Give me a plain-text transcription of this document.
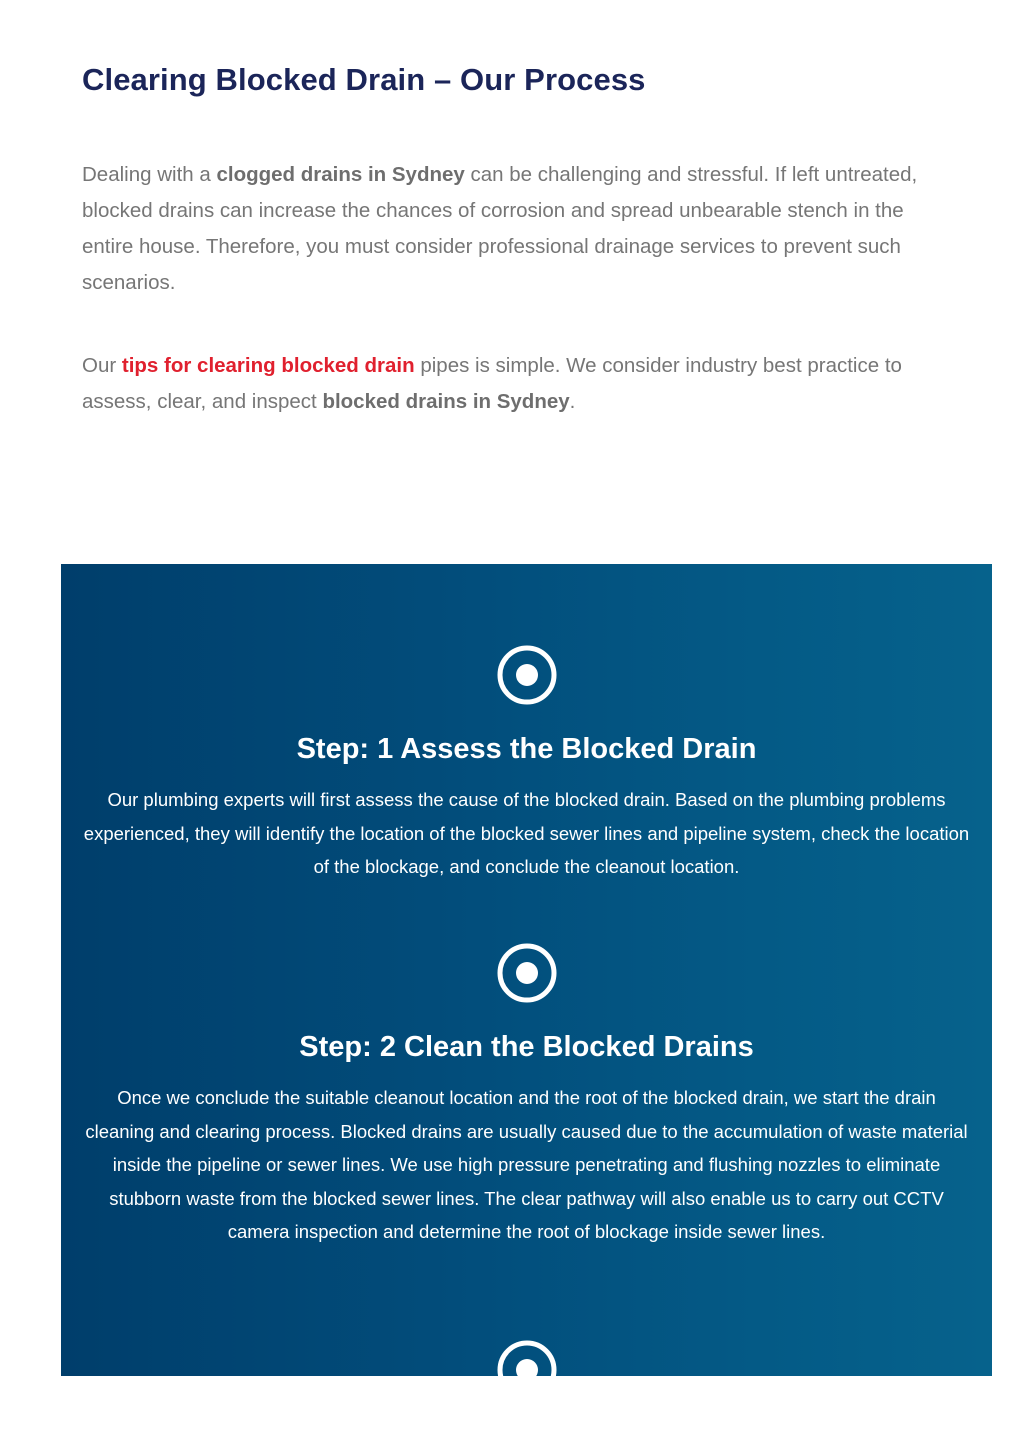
Clearing Blocked Drain – Our Process

Dealing with a clogged drains in Sydney can be challenging and stressful. If left untreated, blocked drains can increase the chances of corrosion and spread unbearable stench in the entire house. Therefore, you must consider professional drainage services to prevent such scenarios.

Our tips for clearing blocked drain pipes is simple. We consider industry best practice to assess, clear, and inspect blocked drains in Sydney.

Step: 1 Assess the Blocked Drain

Our plumbing experts will first assess the cause of the blocked drain. Based on the plumbing problems experienced, they will identify the location of the blocked sewer lines and pipeline system, check the location of the blockage, and conclude the cleanout location.

Step: 2 Clean the Blocked Drains

Once we conclude the suitable cleanout location and the root of the blocked drain, we start the drain cleaning and clearing process. Blocked drains are usually caused due to the accumulation of waste material inside the pipeline or sewer lines. We use high pressure penetrating and flushing nozzles to eliminate stubborn waste from the blocked sewer lines. The clear pathway will also enable us to carry out CCTV camera inspection and determine the root of blockage inside sewer lines.
